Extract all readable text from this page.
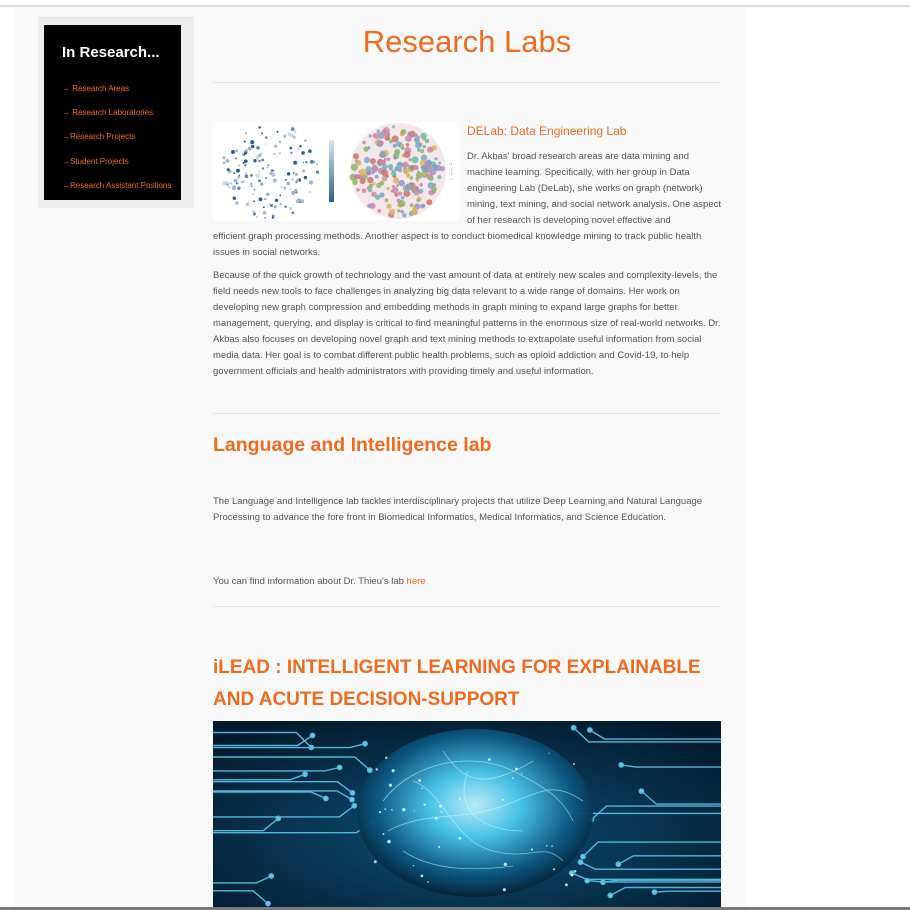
In Research...
→ Research Areas
→ Research Laboratories
→Research Projects
→Student Projects
→Research Assistant Postions
Research Labs
• 1
• 2
• 3
• 4
DELab: Data Engineering Lab

Dr. Akbas' broad research areas are data mining and machine learning. Specifically, with her group in Data engineering Lab (DeLab), she works on graph (network) mining, text mining, and social network analysis. One aspect of her research is developing novel effective and

efficient graph processing methods. Another aspect is to conduct biomedical knowledge mining to track public health issues in social networks.

Because of the quick growth of technology and the vast amount of data at entirely new scales and complexity-levels, the field needs new tools to face challenges in analyzing big data relevant to a wide range of domains. Her work on developing new graph compression and embedding methods in graph mining to expand large graphs for better management, querying, and display is critical to find meaningful patterns in the enormous size of real-world networks. Dr. Akbas also focuses on developing novel graph and text mining methods to extrapolate useful information from social media data. Her goal is to combat different public health problems, such as opioid addiction and Covid-19, to help government officials and health administrators with providing timely and useful information.

Language and Intelligence lab

The Language and Intelligence lab tackles interdisciplinary projects that utilize Deep Learning and Natural Language Processing to advance the fore front in Biomedical Informatics, Medical Informatics, and Science Education.

You can find information about Dr. Thieu's lab here

iLEAD : INTELLIGENT LEARNING FOR EXPLAINABLE AND ACUTE DECISION-SUPPORT
